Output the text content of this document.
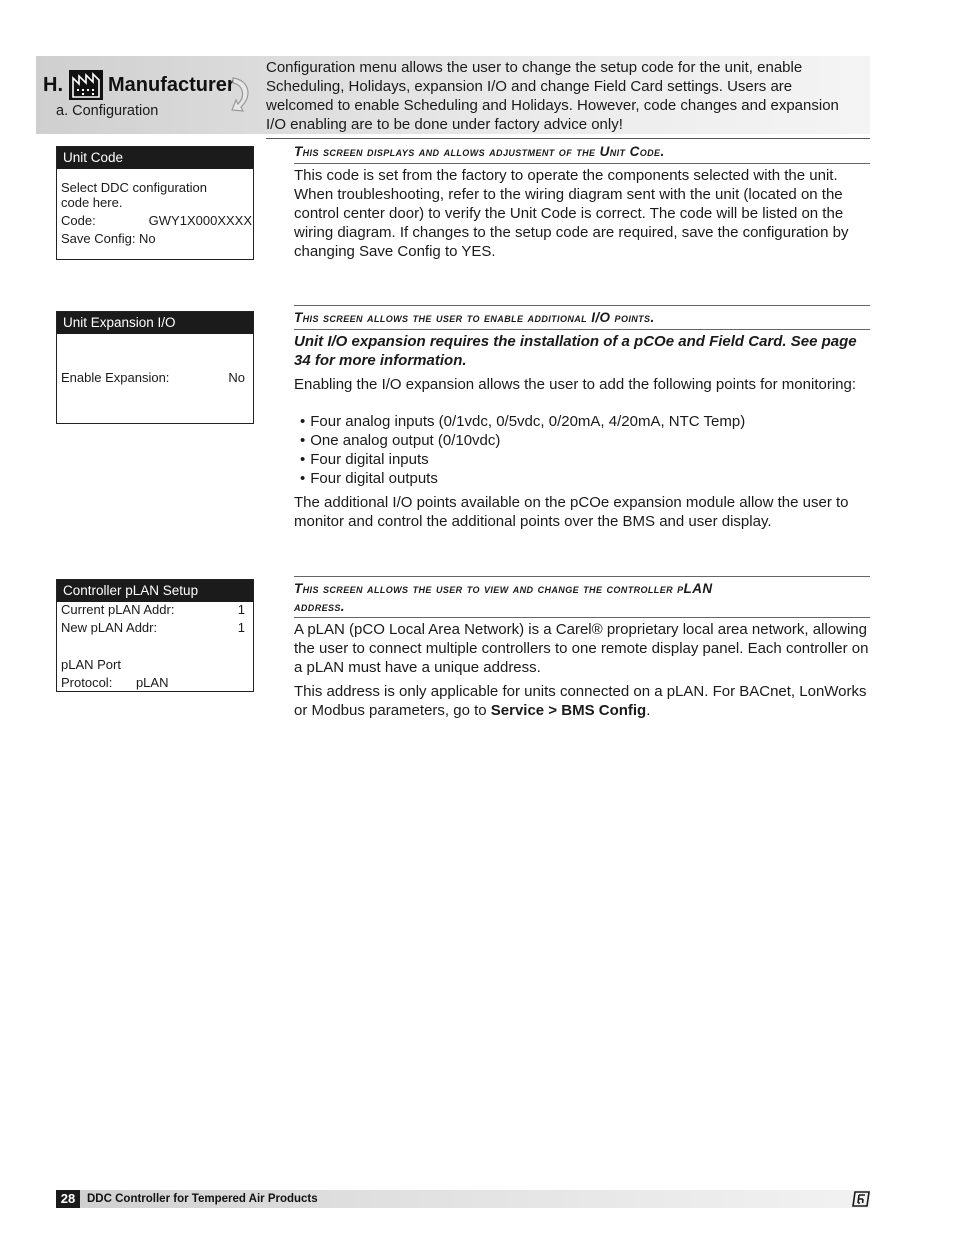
H. Manufacturer
a. Configuration
Configuration menu allows the user to change the setup code for the unit, enable Scheduling, Holidays, expansion I/O and change Field Card settings. Users are welcomed to enable Scheduling and Holidays. However, code changes and expansion I/O enabling are to be done under factory advice only!
Unit Code
Select DDC configuration
code here.
Code:	GWY1X000XXXX
Save Config: No
This screen displays and allows adjustment of the Unit Code.

This code is set from the factory to operate the components selected with the unit. When troubleshooting, refer to the wiring diagram sent with the unit (located on the control center door) to verify the Unit Code is correct. The code will be listed on the wiring diagram. If changes to the setup code are required, save the configuration by changing Save Config to YES.

Unit Expansion I/O
Enable Expansion:	No
This screen allows the user to enable additional I/O points.
Unit I/O expansion requires the installation of a pCOe and Field Card. See page 34 for more information.

Enabling the I/O expansion allows the user to add the following points for monitoring:

• Four analog inputs (0/1vdc, 0/5vdc, 0/20mA, 4/20mA, NTC Temp)
• One analog output (0/10vdc)
• Four digital inputs
• Four digital outputs

The additional I/O points available on the pCOe expansion module allow the user to monitor and control the additional points over the BMS and user display.

Controller pLAN Setup
Current pLAN Addr:	1
New pLAN Addr:	1
pLAN Port
Protocol: pLAN
This screen allows the user to view and change the controller pLAN
address.

A pLAN (pCO Local Area Network) is a Carel® proprietary local area network, allowing the user to connect multiple controllers to one remote display panel. Each controller on a pLAN must have a unique address.

This address is only applicable for units connected on a pLAN. For BACnet, LonWorks or Modbus parameters, go to Service > BMS Config.

28	DDC Controller for Tempered Air Products
